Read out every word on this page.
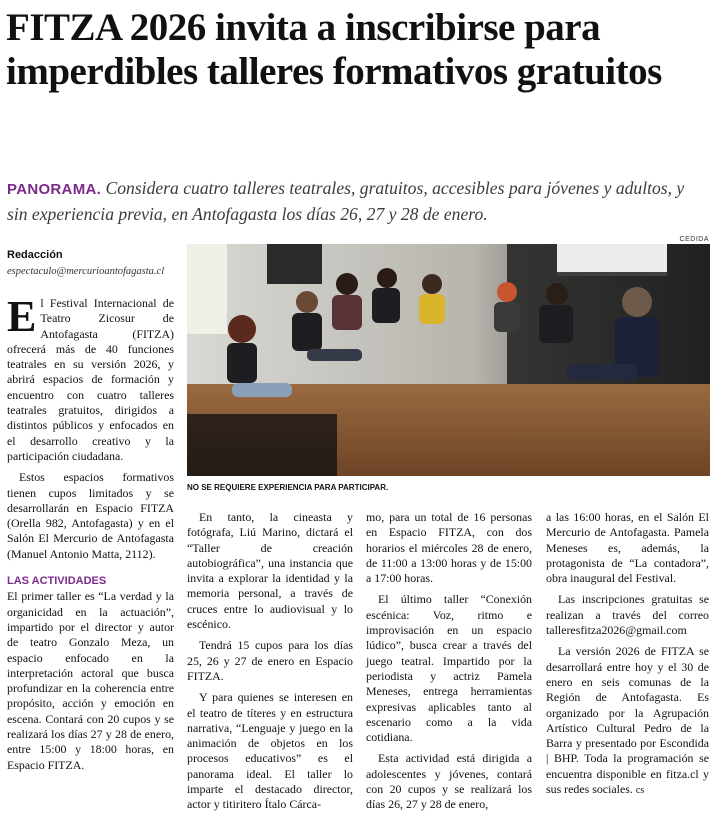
FITZA 2026 invita a inscribirse para imperdibles talleres formativos gratuitos
PANORAMA. Considera cuatro talleres teatrales, gratuitos, accesibles para jóvenes y adultos, y sin experiencia previa, en Antofagasta los días 26, 27 y 28 de enero.
Redacción
espectaculo@mercurioantofagasta.cl
CEDIDA
NO SE REQUIERE EXPERIENCIA PARA PARTICIPAR.

E l Festival Internacional de Teatro Zicosur de Antofagasta (FITZA) ofrecerá más de 40 funciones teatrales en su versión 2026, y abrirá espacios de formación y encuentro con cuatro talleres teatrales gratuitos, dirigidos a distintos públicos y enfocados en el desarrollo creativo y la participación ciudadana.

Estos espacios formativos tienen cupos limitados y se desarrollarán en Espacio FITZA (Orella 982, Antofagasta) y en el Salón El Mercurio de Antofagasta (Manuel Antonio Matta, 2112).

LAS ACTIVIDADES

El primer taller es “La verdad y la organicidad en la actuación”, impartido por el director y autor de teatro Gonzalo Meza, un espacio enfocado en la interpretación actoral que busca profundizar en la coherencia entre propósito, acción y emoción en escena. Contará con 20 cupos y se realizará los días 27 y 28 de enero, entre 15:00 y 18:00 horas, en Espacio FITZA.

En tanto, la cineasta y fotógrafa, Liú Marino, dictará el “Taller de creación autobiográfica”, una instancia que invita a explorar la identidad y la memoria personal, a través de cruces entre lo audiovisual y lo escénico.

Tendrá 15 cupos para los días 25, 26 y 27 de enero en Espacio FITZA.

Y para quienes se interesen en el teatro de títeres y en estructura narrativa, “Lenguaje y juego en la animación de objetos en los procesos educativos” es el panorama ideal. El taller lo imparte el destacado director, actor y titiritero Ítalo Cárca-

mo, para un total de 16 personas en Espacio FITZA, con dos horarios el miércoles 28 de enero, de 11:00 a 13:00 horas y de 15:00 a 17:00 horas.

El último taller “Conexión escénica: Voz, ritmo e improvisación en un espacio lúdico”, busca crear a través del juego teatral. Impartido por la periodista y actriz Pamela Meneses, entrega herramientas expresivas aplicables tanto al escenario como a la vida cotidiana.

Esta actividad está dirigida a adolescentes y jóvenes, contará con 20 cupos y se realizará los días 26, 27 y 28 de enero,

a las 16:00 horas, en el Salón El Mercurio de Antofagasta. Pamela Meneses es, además, la protagonista de “La contadora”, obra inaugural del Festival.

Las inscripciones gratuitas se realizan a través del correo talleresfitza2026@gmail.com

La versión 2026 de FITZA se desarrollará entre hoy y el 30 de enero en seis comunas de la Región de Antofagasta. Es organizado por la Agrupación Artístico Cultural Pedro de la Barra y presentado por Escondida | BHP. Toda la programación se encuentra disponible en fitza.cl y sus redes sociales. cs
